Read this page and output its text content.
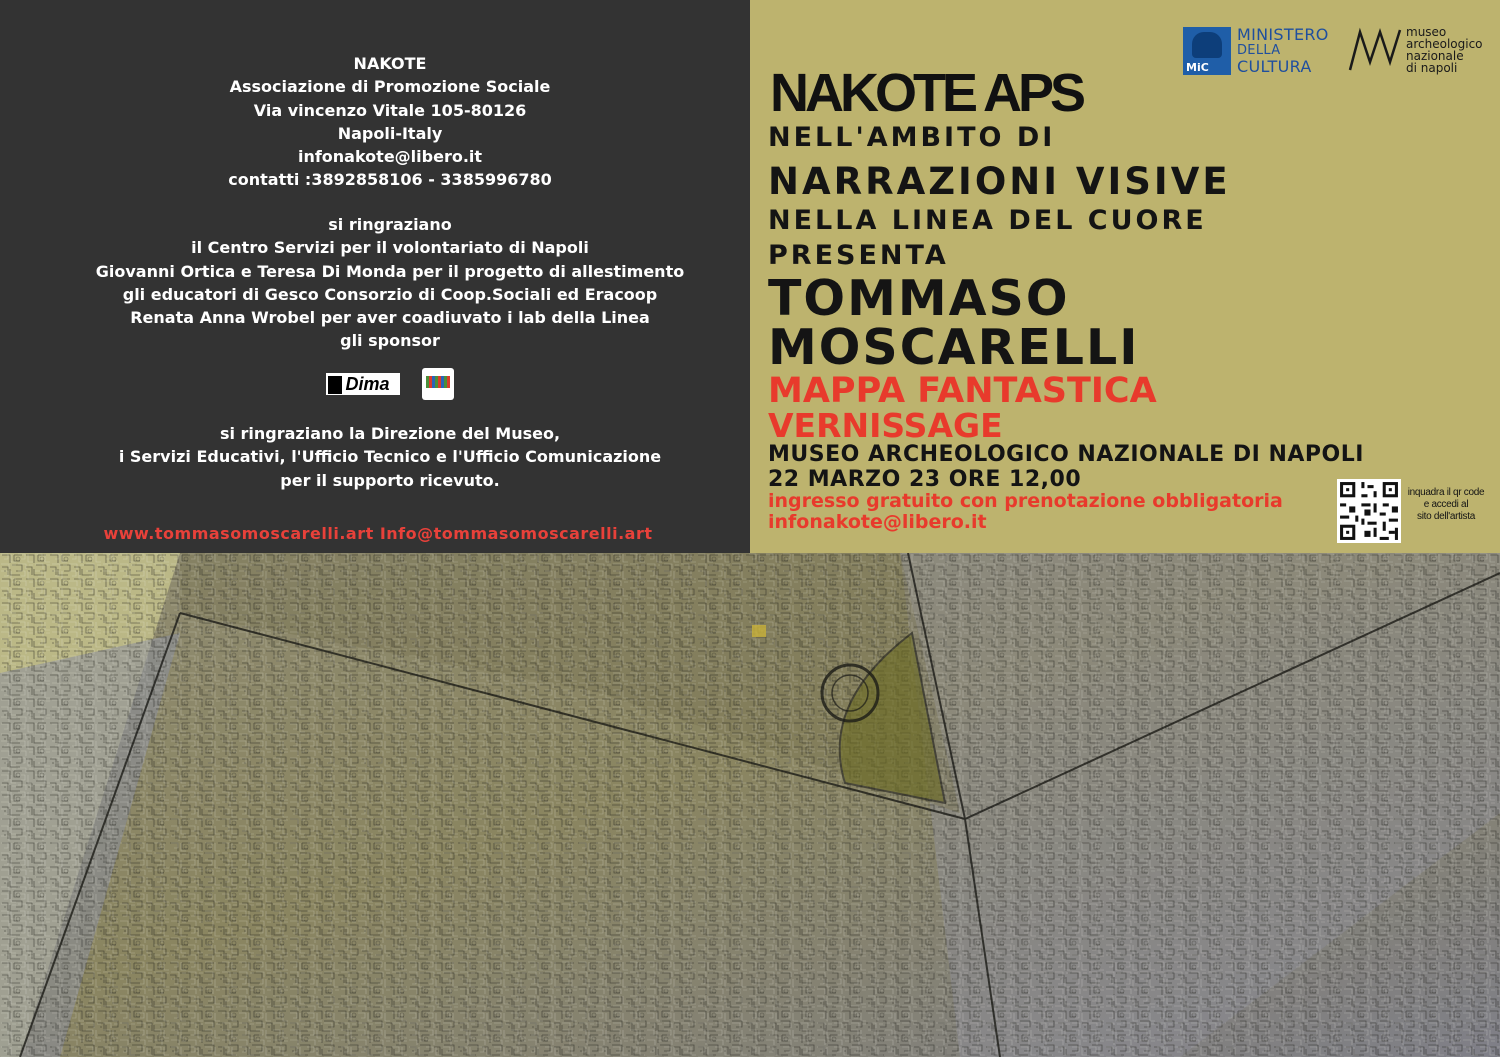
NAKOTE
Associazione di Promozione Sociale
Via vincenzo Vitale 105-80126
Napoli-Italy
infonakote@libero.it
contatti :3892858106 - 3385996780
si ringraziano
il Centro Servizi per il volontariato di Napoli
Giovanni Ortica e Teresa Di Monda per il progetto di allestimento
gli educatori di Gesco Consorzio di Coop.Sociali ed Eracoop
Renata Anna Wrobel per aver coadiuvato i lab della Linea
gli sponsor
Dima
si ringraziano la Direzione del Museo,
i Servizi Educativi, l'Ufficio Tecnico e l'Ufficio Comunicazione
per il supporto ricevuto.
www.tommasomoscarelli.art Info@tommasomoscarelli.art
MiC
MINISTERO
DELLA
CULTURA
museo
archeologico
nazionale
di napoli
NAKOTE APS
NELL'AMBITO DI
NARRAZIONI VISIVE
NELLA LINEA DEL CUORE
PRESENTA
TOMMASO
MOSCARELLI
MAPPA FANTASTICA
VERNISSAGE
MUSEO ARCHEOLOGICO NAZIONALE DI NAPOLI
22 MARZO 23 ORE 12,00
ingresso gratuito con prenotazione obbligatoria
infonakote@libero.it
inquadra il qr code
e accedi al
sito dell'artista
